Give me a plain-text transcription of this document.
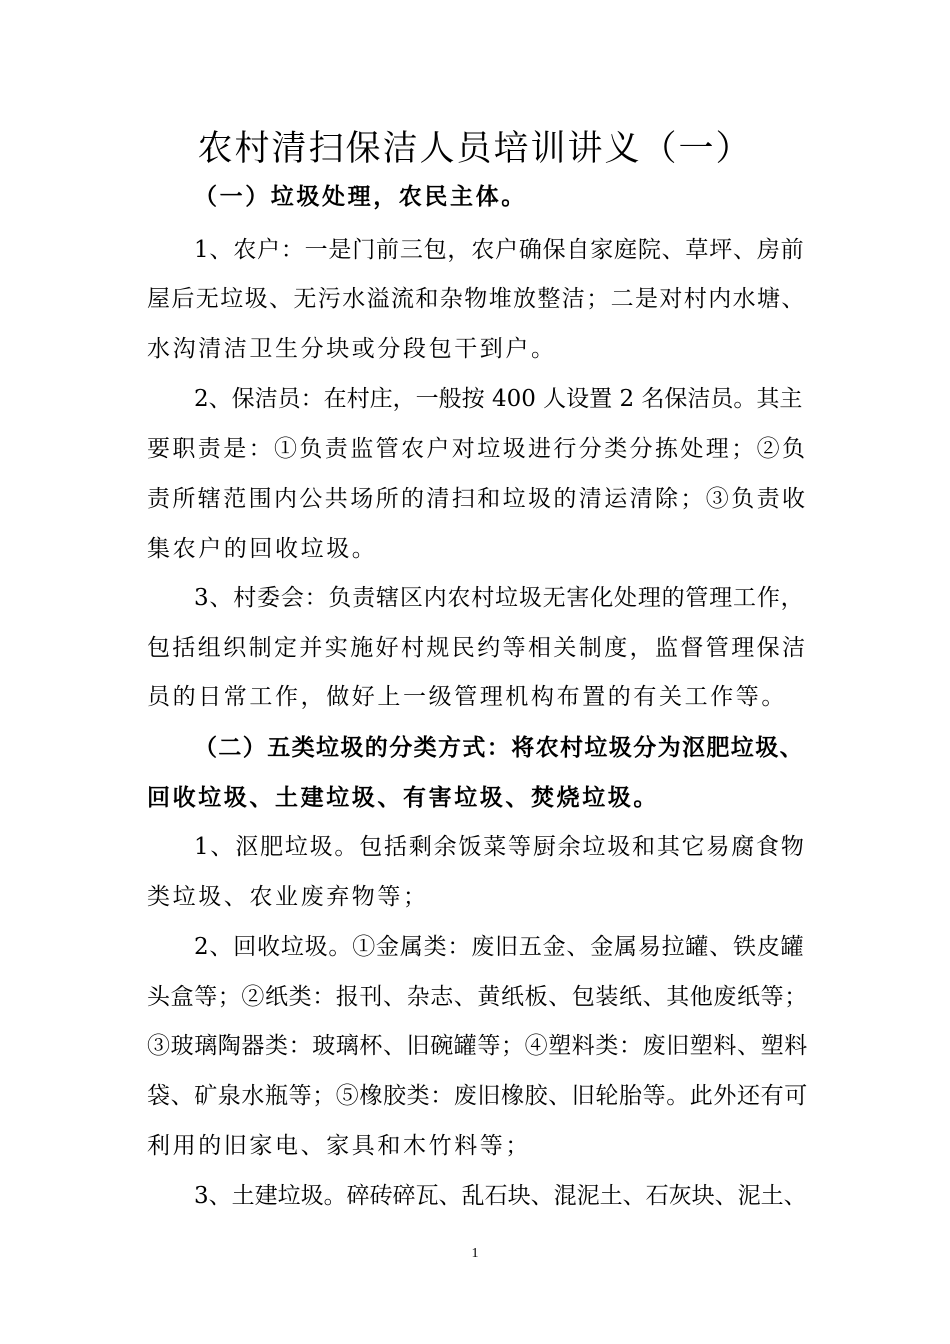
农村清扫保洁人员培训讲义（一）
（一）垃圾处理，农民主体。
1、农户：一是门前三包，农户确保自家庭院、草坪、房前
屋后无垃圾、无污水溢流和杂物堆放整洁；二是对村内水塘、
水沟清洁卫生分块或分段包干到户。
2、保洁员：在村庄，一般按 400 人设置 2 名保洁员。其主
要职责是：①负责监管农户对垃圾进行分类分拣处理；②负
责所辖范围内公共场所的清扫和垃圾的清运清除；③负责收
集农户的回收垃圾。
3、村委会：负责辖区内农村垃圾无害化处理的管理工作，
包括组织制定并实施好村规民约等相关制度，监督管理保洁
员的日常工作，做好上一级管理机构布置的有关工作等。
（二）五类垃圾的分类方式：将农村垃圾分为沤肥垃圾、
回收垃圾、土建垃圾、有害垃圾、焚烧垃圾。
1、沤肥垃圾。包括剩余饭菜等厨余垃圾和其它易腐食物
类垃圾、农业废弃物等；
2、回收垃圾。①金属类：废旧五金、金属易拉罐、铁皮罐
头盒等；②纸类：报刊、杂志、黄纸板、包装纸、其他废纸等；
③玻璃陶器类：玻璃杯、旧碗罐等；④塑料类：废旧塑料、塑料
袋、矿泉水瓶等；⑤橡胶类：废旧橡胶、旧轮胎等。此外还有可
利用的旧家电、家具和木竹料等；
3、土建垃圾。碎砖碎瓦、乱石块、混泥土、石灰块、泥土、
1
